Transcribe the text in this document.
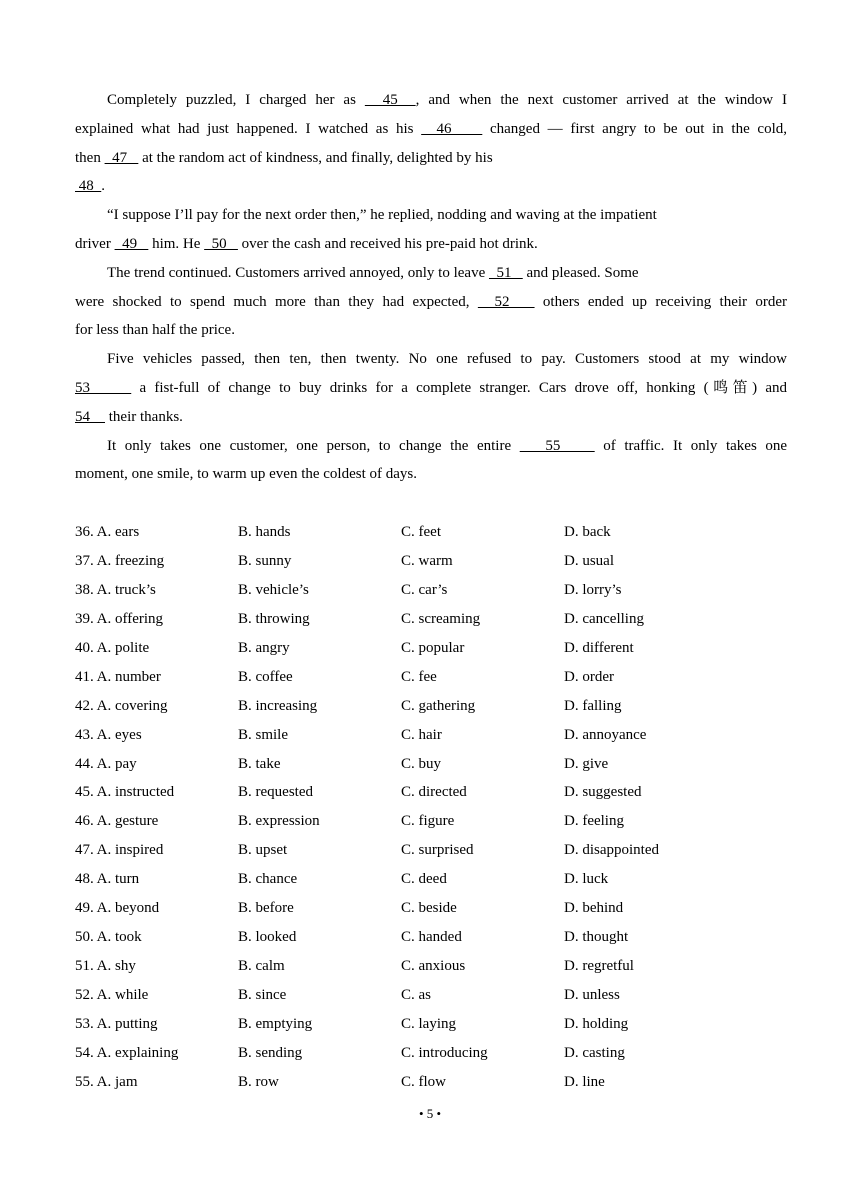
Completely puzzled, I charged her as   45  , and when the next customer arrived at the window I

explained what had just happened. I watched as his   46     changed — first angry to be out in the cold,

then   47    at the random act of kindness, and finally, delighted by his

48  .

“I suppose I’ll pay for the next order then,” he replied, nodding and waving at the impatient

driver   49    him. He   50    over the cash and received his pre-paid hot drink.

The trend continued. Customers arrived annoyed, only to leave   51    and pleased. Some

were shocked to spend much more than they had expected,   52    others ended up receiving their order

for less than half the price.

Five vehicles passed, then ten, then twenty. No one refused to pay. Customers stood at my window

53      a fist-full of change to buy drinks for a complete stranger. Cars drove off, honking (鸣笛) and

54     their thanks.

It only takes one customer, one person, to change the entire    55     of traffic. It only takes one

moment, one smile, to warm up even the coldest of days.

36. A. ears	B. hands	C. feet	D. back
37. A. freezing	B. sunny	C. warm	D. usual
38. A. truck’s	B. vehicle’s	C. car’s	D. lorry’s
39. A. offering	B. throwing	C. screaming	D. cancelling
40. A. polite	B. angry	C. popular	D. different
41. A. number	B. coffee	C. fee	D. order
42. A. covering	B. increasing	C. gathering	D. falling
43. A. eyes	B. smile	C. hair	D. annoyance
44. A. pay	B. take	C. buy	D. give
45. A. instructed	B. requested	C. directed	D. suggested
46. A. gesture	B. expression	C. figure	D. feeling
47. A. inspired	B. upset	C. surprised	D. disappointed
48. A. turn	B. chance	C. deed	D. luck
49. A. beyond	B. before	C. beside	D. behind
50. A. took	B. looked	C. handed	D. thought
51. A. shy	B. calm	C. anxious	D. regretful
52. A. while	B. since	C. as	D. unless
53. A. putting	B. emptying	C. laying	D. holding
54. A. explaining	B. sending	C. introducing	D. casting
55. A. jam	B. row	C. flow	D. line
• 5 •
